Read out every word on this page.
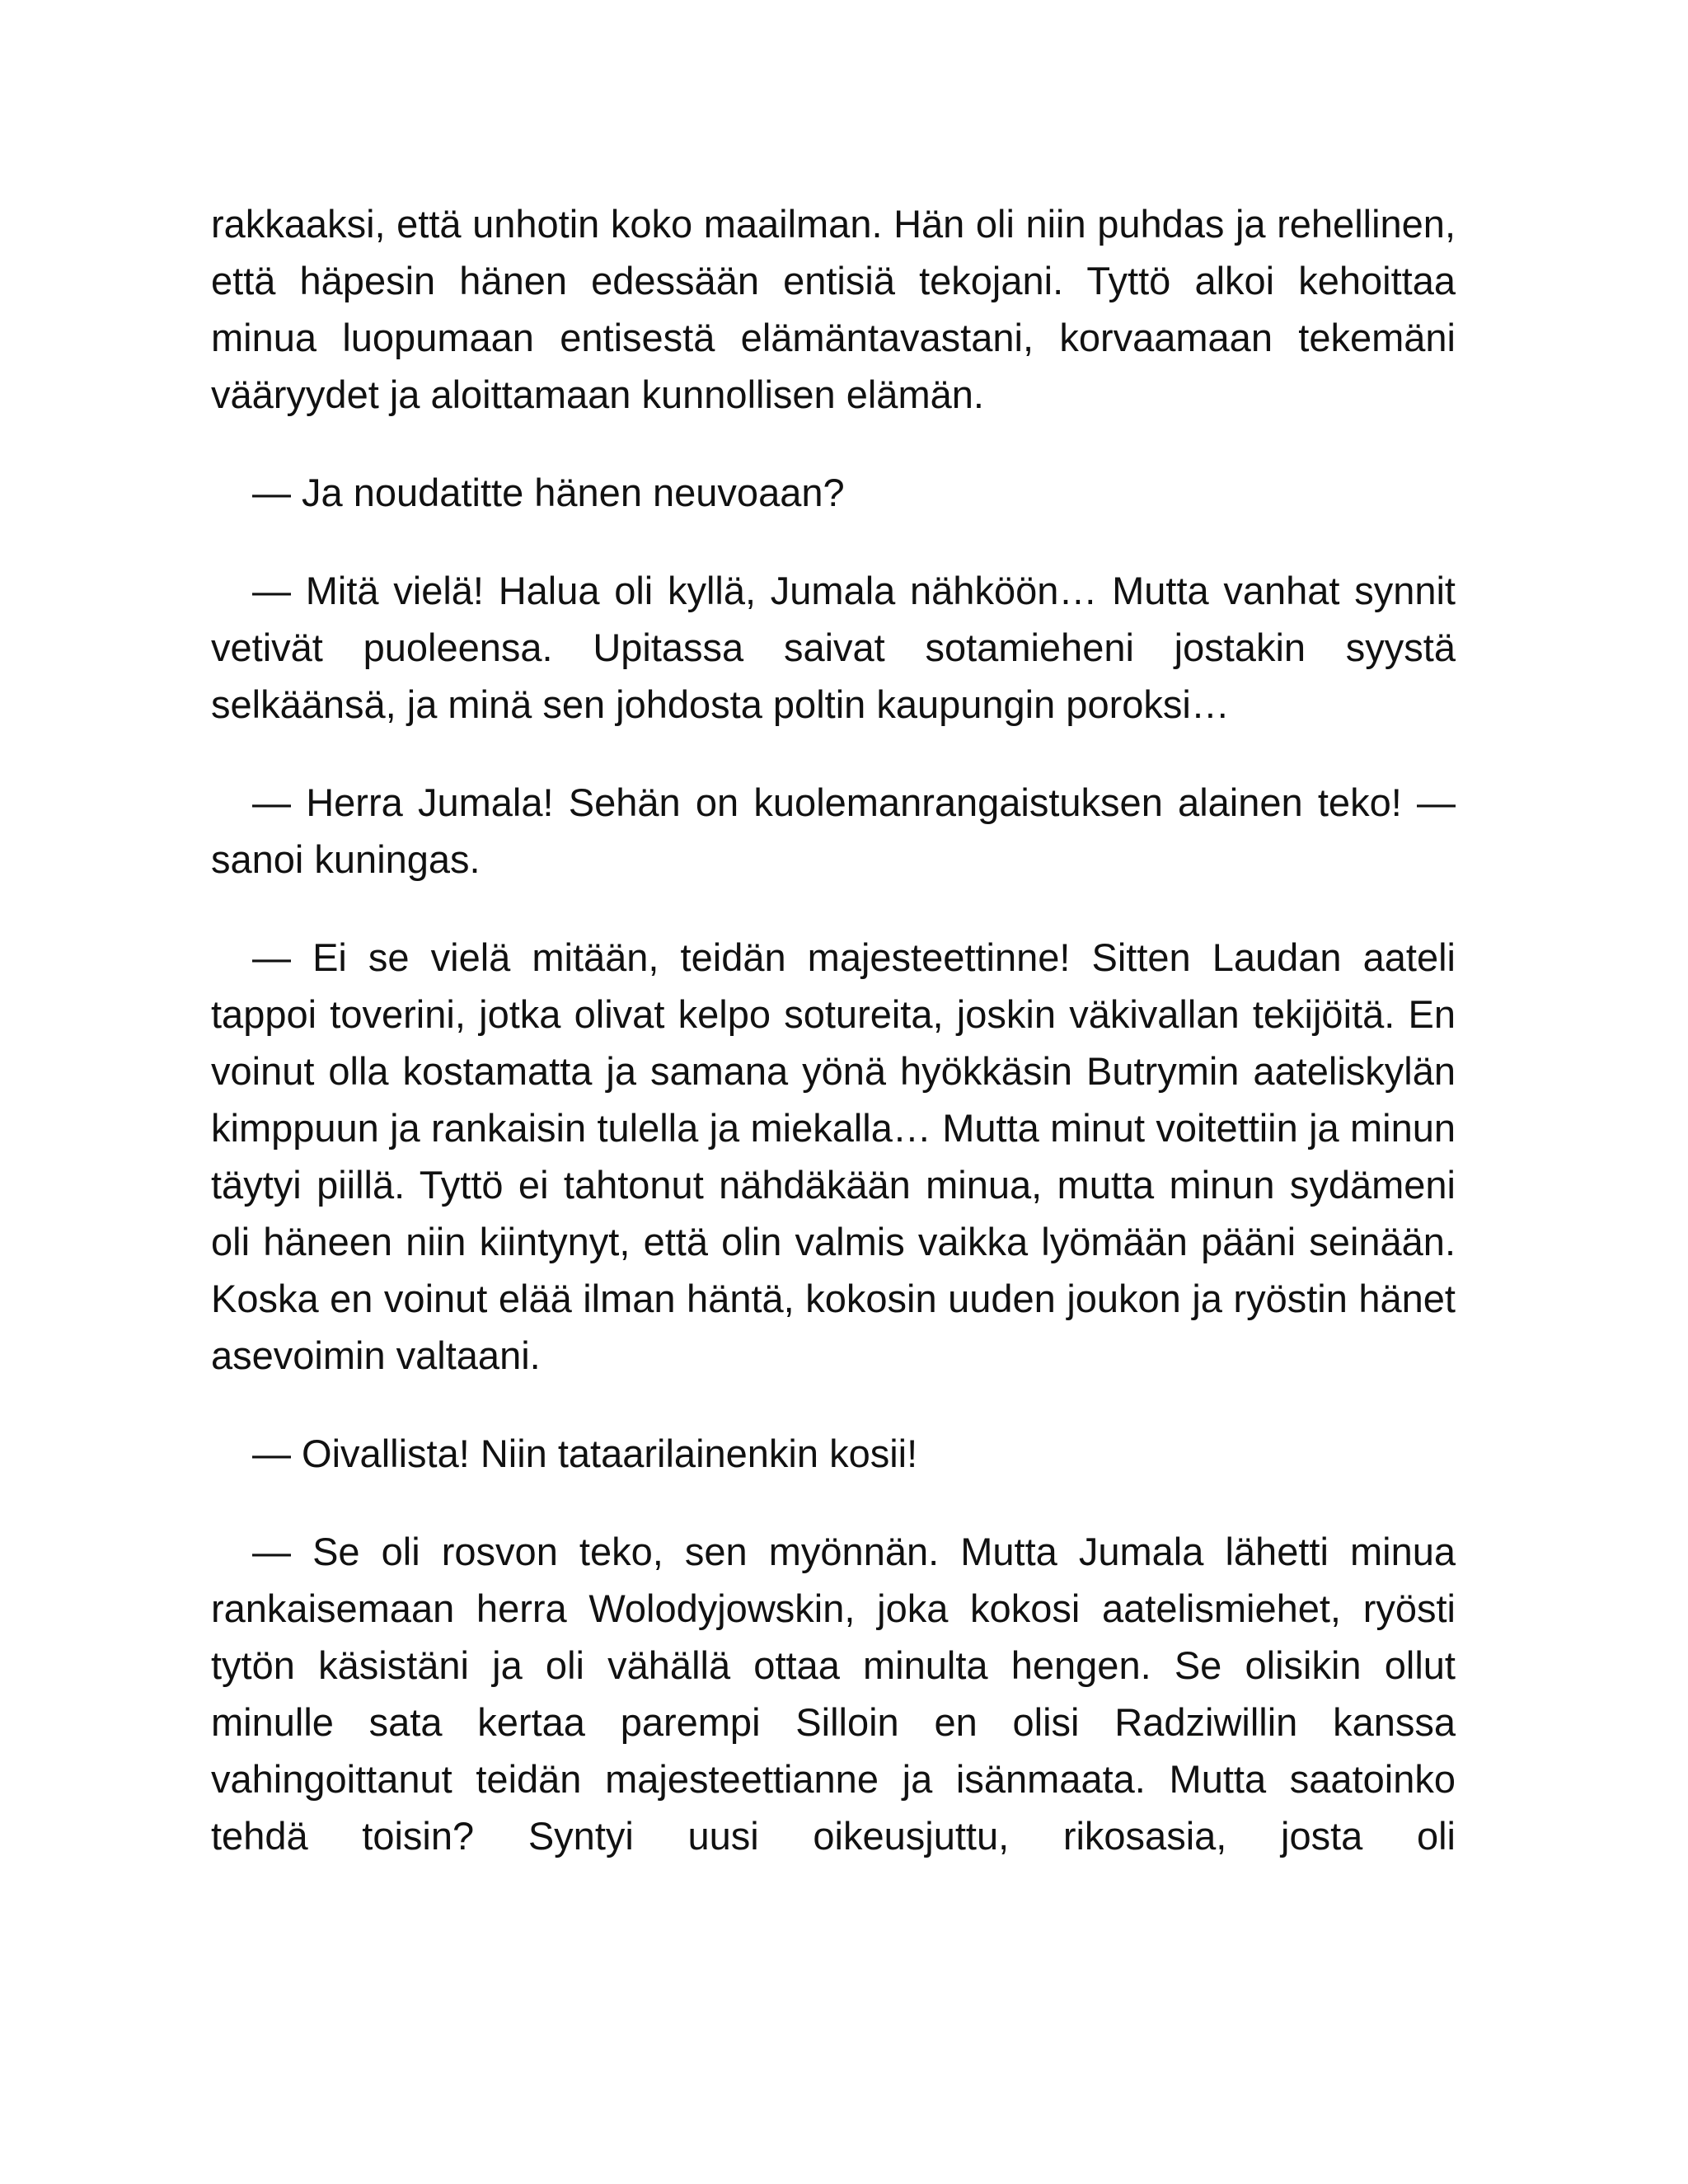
rakkaaksi, että unhotin koko maailman. Hän oli niin puhdas ja rehellinen, että häpesin hänen edessään entisiä tekojani. Tyttö alkoi kehoittaa minua luopumaan entisestä elämäntavastani, korvaamaan tekemäni vääryydet ja aloittamaan kunnollisen elämän.

— Ja noudatitte hänen neuvoaan?

— Mitä vielä! Halua oli kyllä, Jumala nähköön… Mutta vanhat synnit vetivät puoleensa. Upitassa saivat sotamieheni jostakin syystä selkäänsä, ja minä sen johdosta poltin kaupungin poroksi…

— Herra Jumala! Sehän on kuolemanrangaistuksen alainen teko! — sanoi kuningas.

— Ei se vielä mitään, teidän majesteettinne! Sitten Laudan aateli tappoi toverini, jotka olivat kelpo sotureita, joskin väkivallan tekijöitä. En voinut olla kostamatta ja samana yönä hyökkäsin Butrymin aateliskylän kimppuun ja rankaisin tulella ja miekalla… Mutta minut voitettiin ja minun täytyi piillä. Tyttö ei tahtonut nähdäkään minua, mutta minun sydämeni oli häneen niin kiintynyt, että olin valmis vaikka lyömään pääni seinään. Koska en voinut elää ilman häntä, kokosin uuden joukon ja ryöstin hänet asevoimin valtaani.

— Oivallista! Niin tataarilainenkin kosii!

— Se oli rosvon teko, sen myönnän. Mutta Jumala lähetti minua rankaisemaan herra Wolodyjowskin, joka kokosi aatelismiehet, ryösti tytön käsistäni ja oli vähällä ottaa minulta hengen. Se olisikin ollut minulle sata kertaa parempi Silloin en olisi Radziwillin kanssa vahingoittanut teidän majesteettianne ja isänmaata. Mutta saatoinko tehdä toisin? Syntyi uusi oikeusjuttu, rikosasia, josta oli
